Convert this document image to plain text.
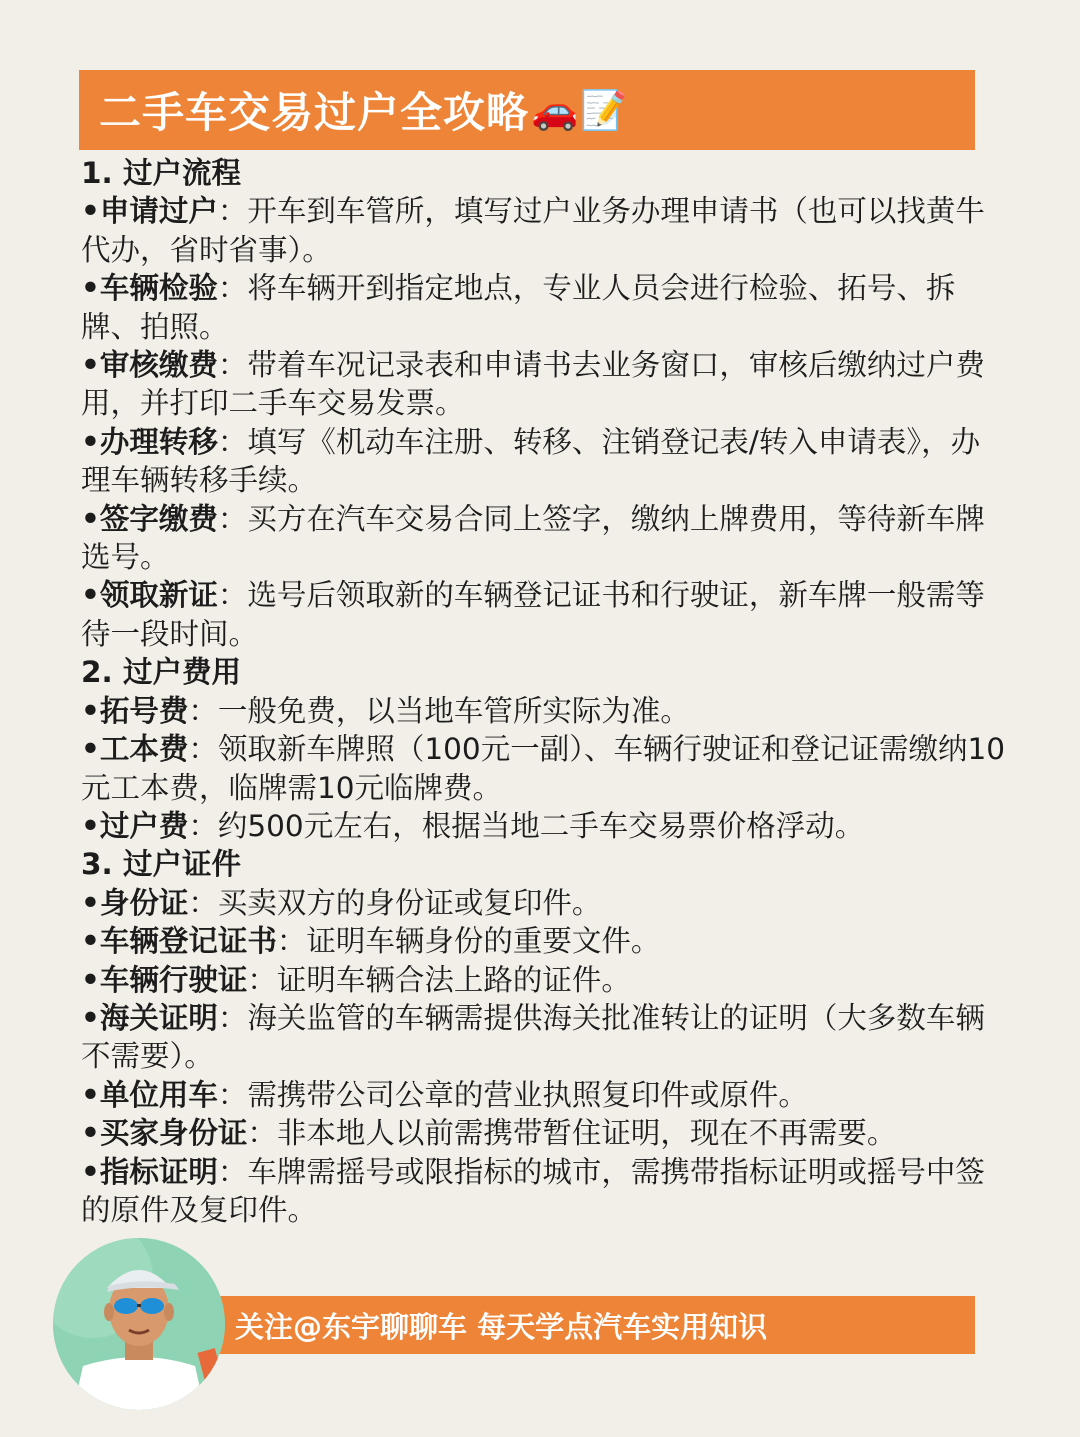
二手车交易过户全攻略 🚗 📝
1. 过户流程
•申请过户：开车到车管所，填写过户业务办理申请书（也可以找黄牛代办，省时省事）。
•车辆检验：将车辆开到指定地点，专业人员会进行检验、拓号、拆牌、拍照。
•审核缴费：带着车况记录表和申请书去业务窗口，审核后缴纳过户费用，并打印二手车交易发票。
•办理转移：填写《机动车注册、转移、注销登记表/转入申请表》，办理车辆转移手续。
•签字缴费：买方在汽车交易合同上签字，缴纳上牌费用，等待新车牌选号。
•领取新证：选号后领取新的车辆登记证书和行驶证，新车牌一般需等待一段时间。
2. 过户费用
•拓号费：一般免费，以当地车管所实际为准。
•工本费：领取新车牌照（100元一副）、车辆行驶证和登记证需缴纳10元工本费，临牌需10元临牌费。
•过户费：约500元左右，根据当地二手车交易票价格浮动。
3. 过户证件
•身份证：买卖双方的身份证或复印件。
•车辆登记证书：证明车辆身份的重要文件。
•车辆行驶证：证明车辆合法上路的证件。
•海关证明：海关监管的车辆需提供海关批准转让的证明（大多数车辆不需要）。
•单位用车：需携带公司公章的营业执照复印件或原件。
•买家身份证：非本地人以前需携带暂住证明，现在不再需要。
•指标证明：车牌需摇号或限指标的城市，需携带指标证明或摇号中签的原件及复印件。
关注@东宇聊聊车 每天学点汽车实用知识
